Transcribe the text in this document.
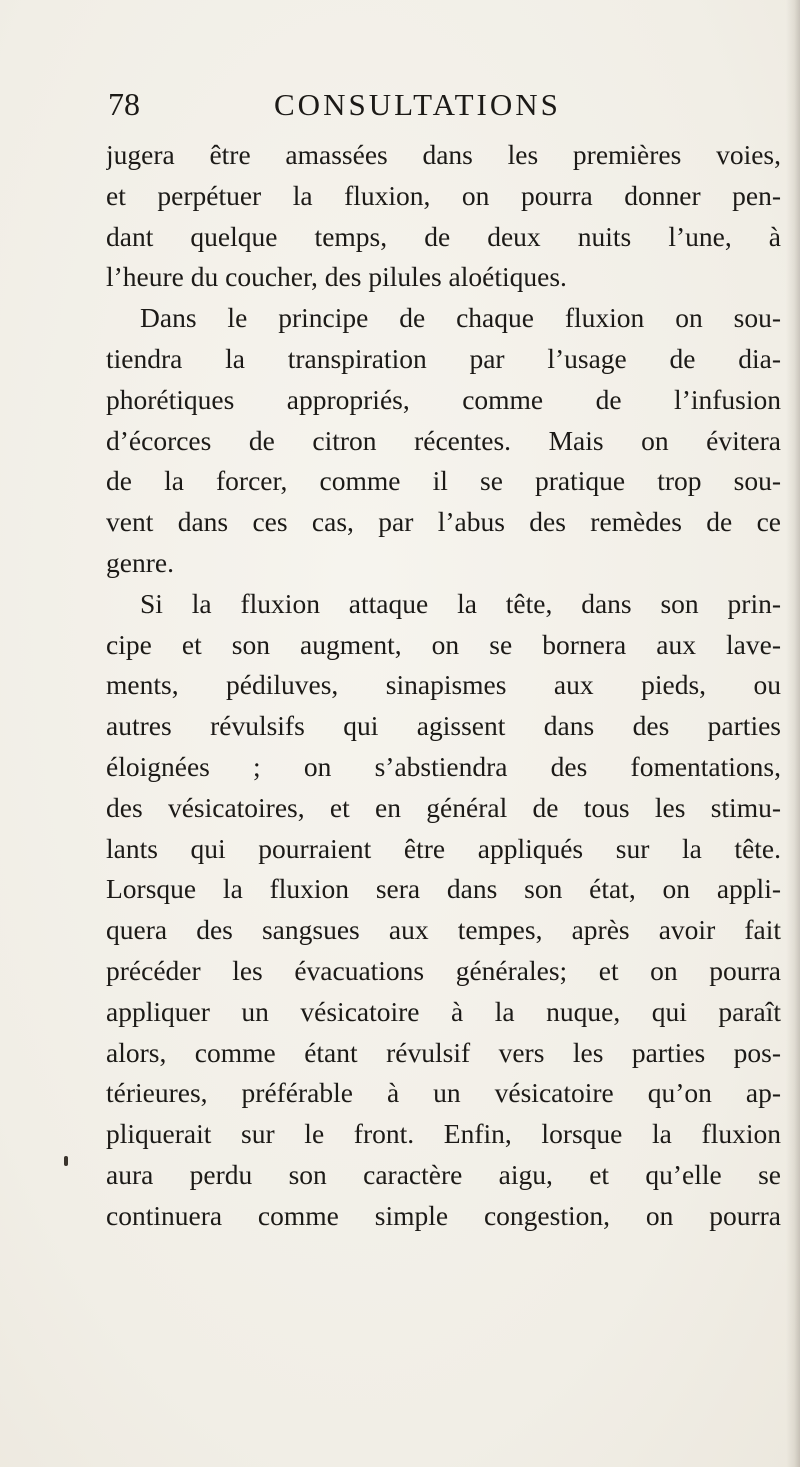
78	CONSULTATIONS
jugera être amassées dans les premières voies,
et perpétuer la fluxion, on pourra donner pen-
dant quelque temps, de deux nuits l’une, à
l’heure du coucher, des pilules aloétiques.
Dans le principe de chaque fluxion on sou-
tiendra la transpiration par l’usage de dia-
phorétiques appropriés, comme de l’infusion
d’écorces de citron récentes. Mais on évitera
de la forcer, comme il se pratique trop sou-
vent dans ces cas, par l’abus des remèdes de ce
genre.
Si la fluxion attaque la tête, dans son prin-
cipe et son augment, on se bornera aux lave-
ments, pédiluves, sinapismes aux pieds, ou
autres révulsifs qui agissent dans des parties
éloignées ; on s’abstiendra des fomentations,
des vésicatoires, et en général de tous les stimu-
lants qui pourraient être appliqués sur la tête.
Lorsque la fluxion sera dans son état, on appli-
quera des sangsues aux tempes, après avoir fait
précéder les évacuations générales; et on pourra
appliquer un vésicatoire à la nuque, qui paraît
alors, comme étant révulsif vers les parties pos-
térieures, préférable à un vésicatoire qu’on ap-
pliquerait sur le front. Enfin, lorsque la fluxion
aura perdu son caractère aigu, et qu’elle se
continuera comme simple congestion, on pourra
